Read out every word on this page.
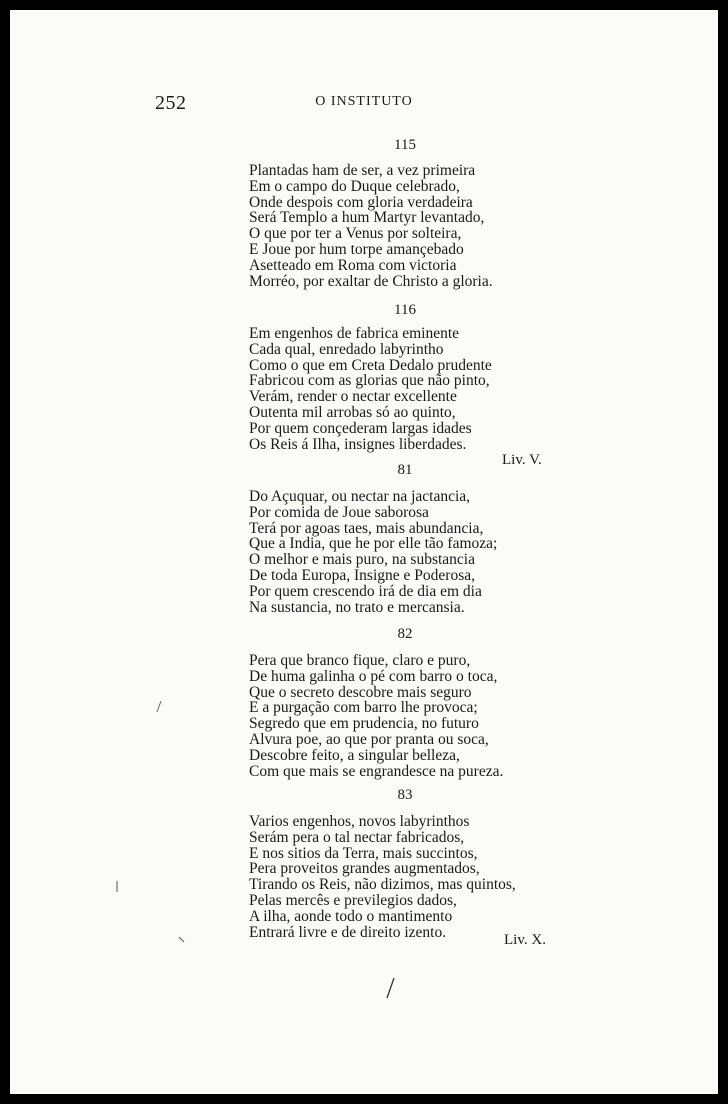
252	O INSTITUTO
115
Plantadas ham de ser, a vez primeira
Em o campo do Duque celebrado,
Onde despois com gloria verdadeira
Será Templo a hum Martyr levantado,
O que por ter a Venus por solteira,
E Joue por hum torpe amançebado
Asetteado em Roma com victoria
Morréo, por exaltar de Christo a gloria.
116
Em engenhos de fabrica eminente
Cada qual, enredado labyrintho
Como o que em Creta Dedalo prudente
Fabricou com as glorias que não pinto,
Verám, render o nectar excellente
Outenta mil arrobas só ao quinto,
Por quem conçederam largas idades
Os Reis á Ilha, insignes liberdades.
Liv. V.
81
Do Açuquar, ou nectar na jactancia,
Por comida de Joue saborosa
Terá por agoas taes, mais abundancia,
Que a India, que he por elle tão famoza;
O melhor e mais puro, na substancia
De toda Europa, Insigne e Poderosa,
Por quem crescendo irá de dia em dia
Na sustancia, no trato e mercansia.
82
Pera que branco fique, claro e puro,
De huma galinha o pé com barro o toca,
Que o secreto descobre mais seguro
E a purgação com barro lhe provoca;
Segredo que em prudencia, no futuro
Alvura poe, ao que por pranta ou soca,
Descobre feito, a singular belleza,
Com que mais se engrandesce na pureza.
83
Varios engenhos, novos labyrinthos
Serám pera o tal nectar fabricados,
E nos sitios da Terra, mais succintos,
Pera proveitos grandes augmentados,
Tirando os Reis, não dizimos, mas quintos,
Pelas mercês e previlegios dados,
A ilha, aonde todo o mantimento
Entrará livre e de direito izento.	Liv. X.
